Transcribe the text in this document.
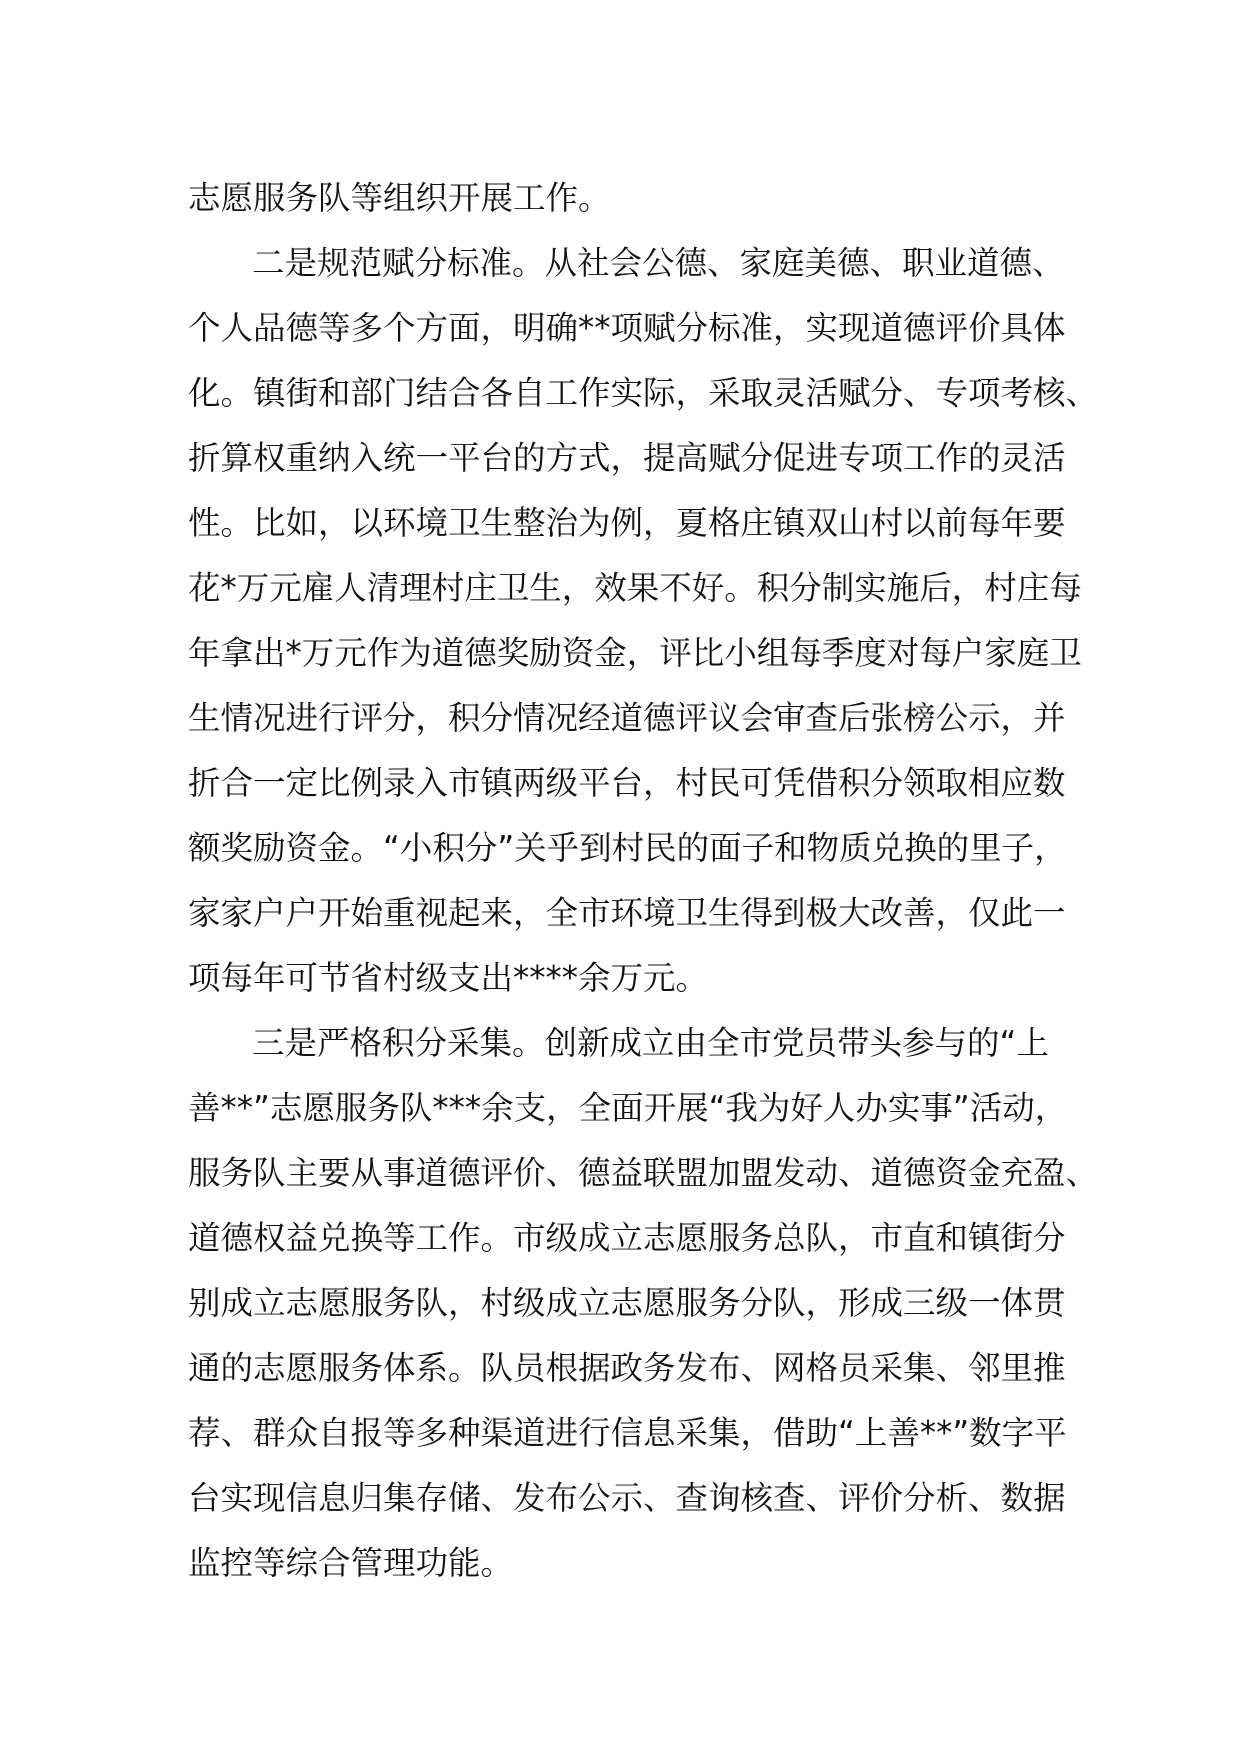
志愿服务队等组织开展工作。
二是规范赋分标准。从社会公德、家庭美德、职业道德、
个人品德等多个方面，明确**项赋分标准，实现道德评价具体
化。镇街和部门结合各自工作实际，采取灵活赋分、专项考核、
折算权重纳入统一平台的方式，提高赋分促进专项工作的灵活
性。比如，以环境卫生整治为例，夏格庄镇双山村以前每年要
花*万元雇人清理村庄卫生，效果不好。积分制实施后，村庄每
年拿出*万元作为道德奖励资金，评比小组每季度对每户家庭卫
生情况进行评分，积分情况经道德评议会审查后张榜公示，并
折合一定比例录入市镇两级平台，村民可凭借积分领取相应数
额奖励资金。“小积分”关乎到村民的面子和物质兑换的里子，
家家户户开始重视起来，全市环境卫生得到极大改善，仅此一
项每年可节省村级支出****余万元。
三是严格积分采集。创新成立由全市党员带头参与的“上
善**”志愿服务队***余支，全面开展“我为好人办实事”活动，
服务队主要从事道德评价、德益联盟加盟发动、道德资金充盈、
道德权益兑换等工作。市级成立志愿服务总队，市直和镇街分
别成立志愿服务队，村级成立志愿服务分队，形成三级一体贯
通的志愿服务体系。队员根据政务发布、网格员采集、邻里推
荐、群众自报等多种渠道进行信息采集，借助“上善**”数字平
台实现信息归集存储、发布公示、查询核查、评价分析、数据
监控等综合管理功能。
